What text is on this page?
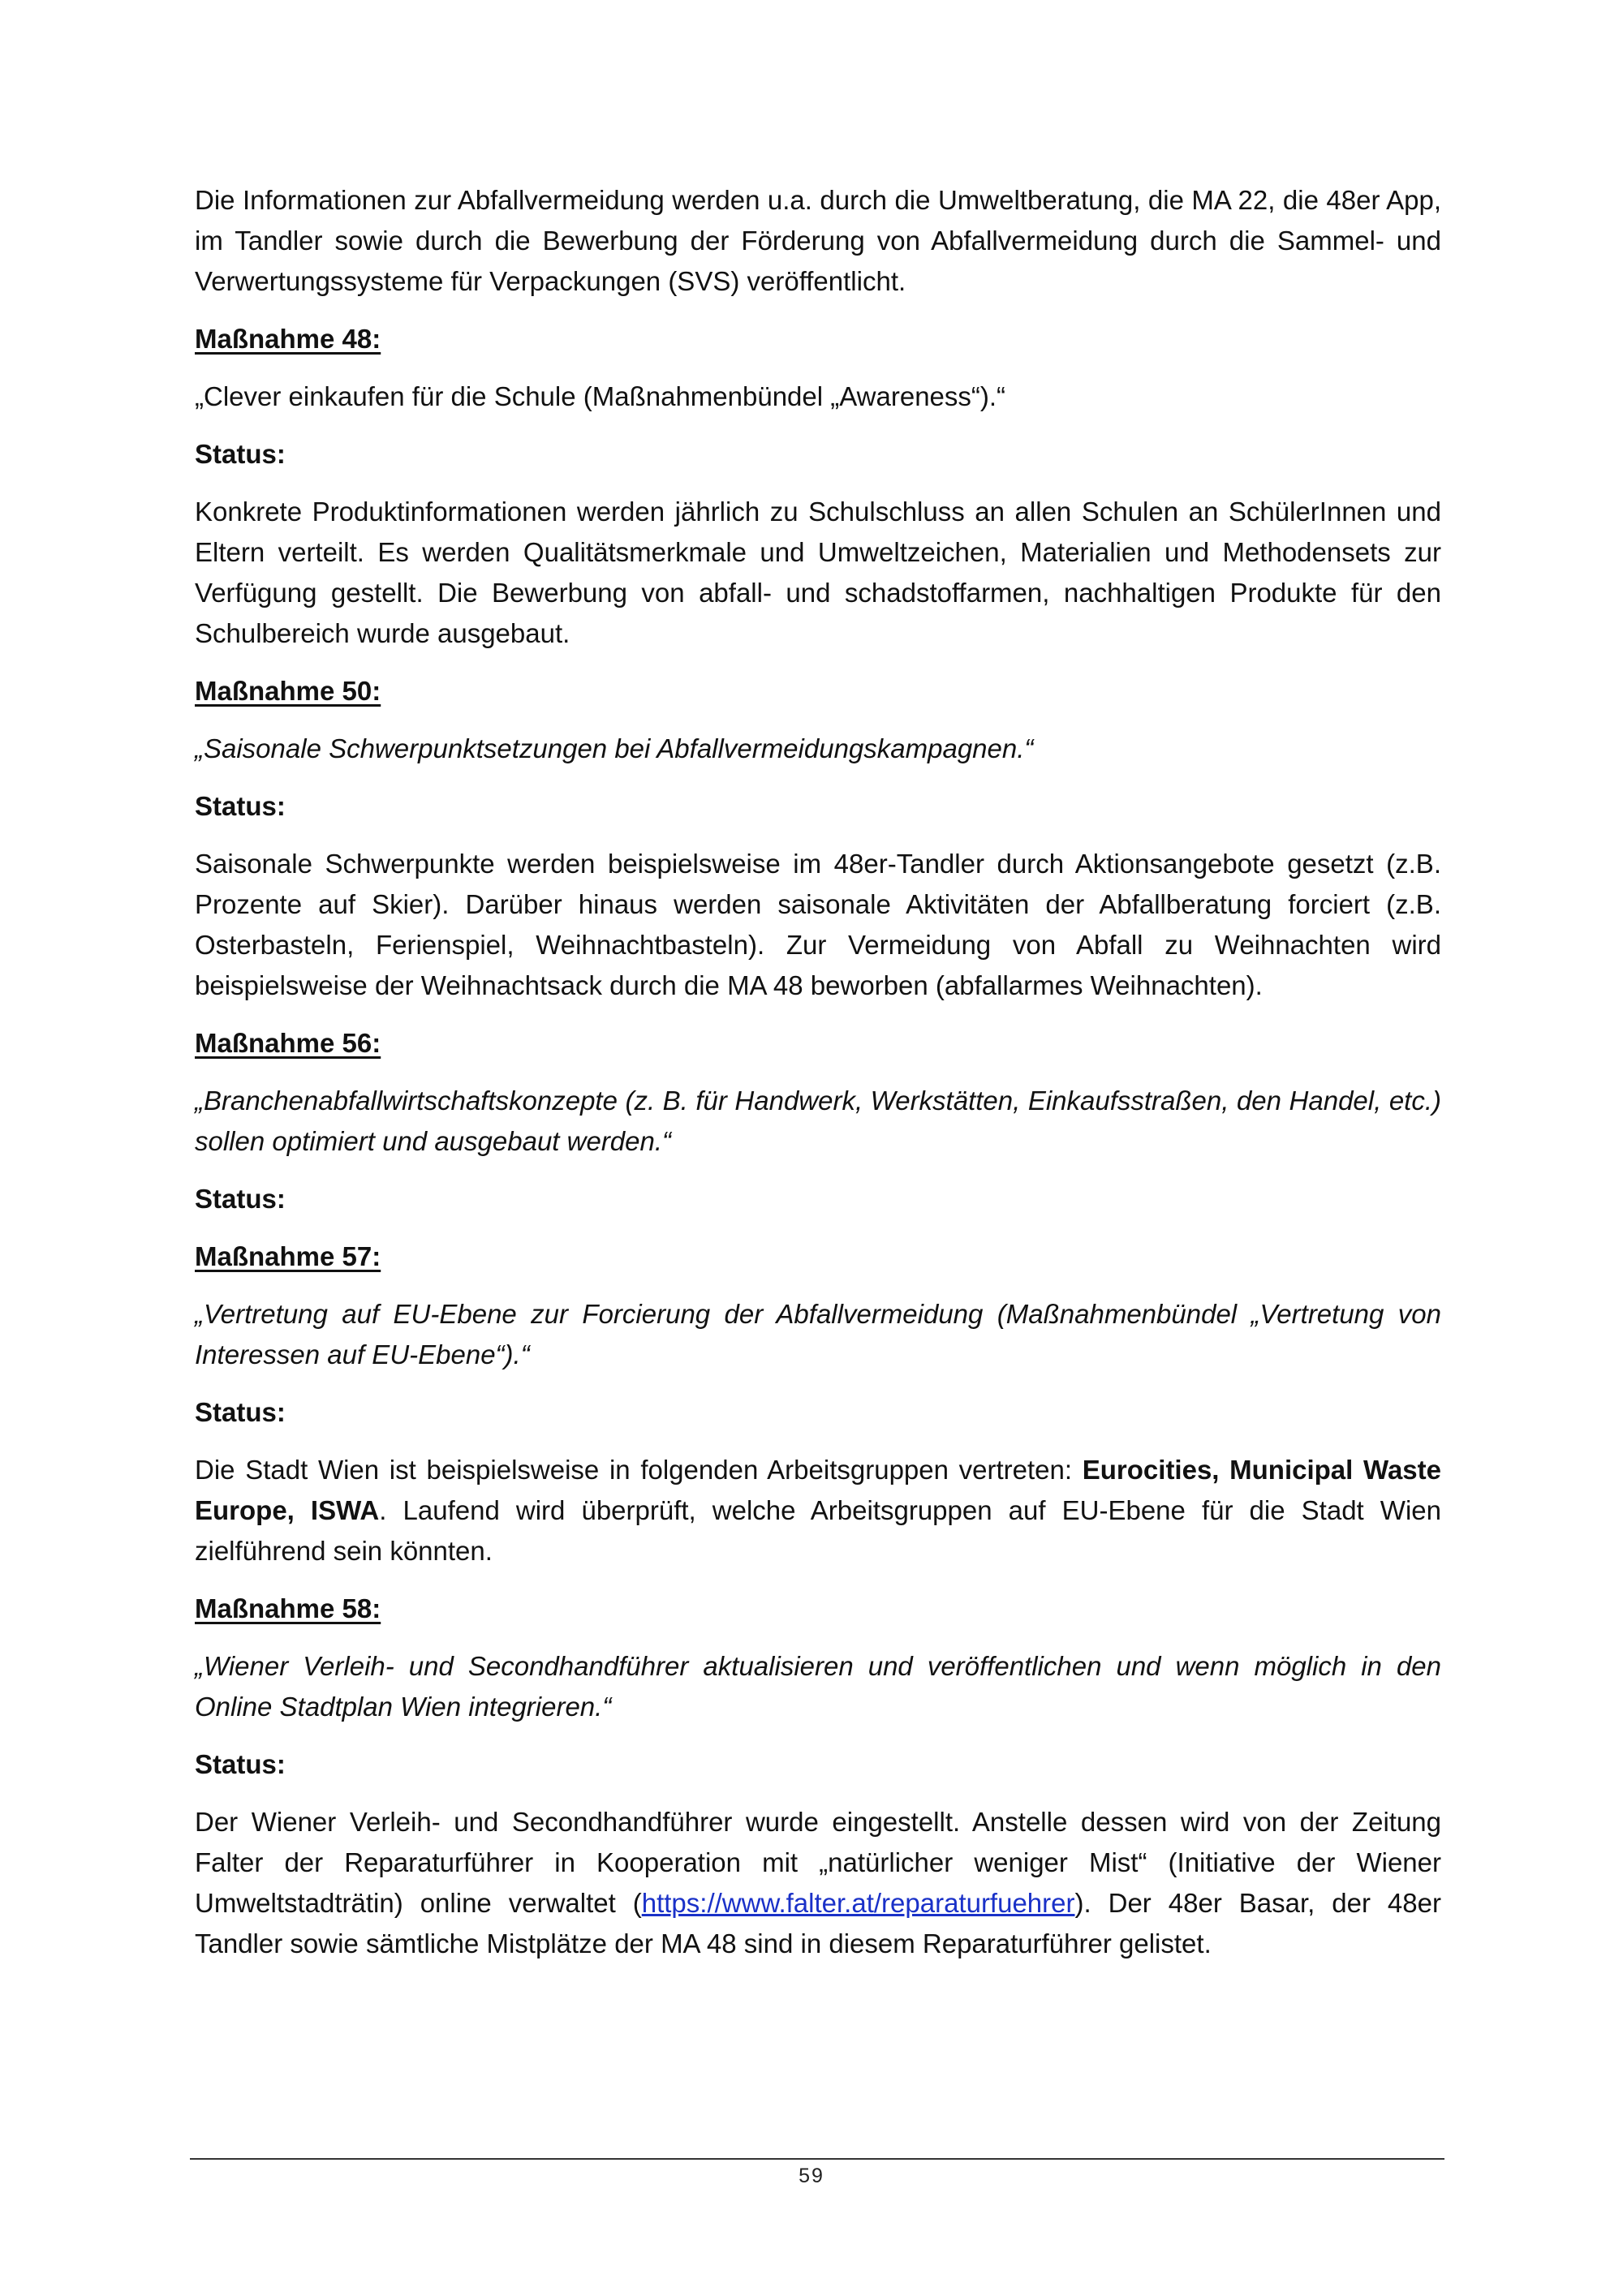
Die Informationen zur Abfallvermeidung werden u.a. durch die Umweltberatung, die MA 22, die 48er App, im Tandler sowie durch die Bewerbung der Förderung von Abfallvermeidung durch die Sammel- und Verwertungssysteme für Verpackungen (SVS) veröffentlicht.

Maßnahme 48:

„Clever einkaufen für die Schule (Maßnahmenbündel „Awareness“).“

Status:

Konkrete Produktinformationen werden jährlich zu Schulschluss an allen Schulen an SchülerInnen und Eltern verteilt. Es werden Qualitätsmerkmale und Umweltzeichen, Materialien und Methodensets zur Verfügung gestellt. Die Bewerbung von abfall- und schadstoffarmen, nachhaltigen Produkte für den Schulbereich wurde ausgebaut.

Maßnahme 50:

„Saisonale Schwerpunktsetzungen bei Abfallvermeidungskampagnen.“

Status:

Saisonale Schwerpunkte werden beispielsweise im 48er-Tandler durch Aktionsangebote gesetzt (z.B. Prozente auf Skier). Darüber hinaus werden saisonale Aktivitäten der Abfallberatung forciert (z.B. Osterbasteln, Ferienspiel, Weihnachtbasteln). Zur Vermeidung von Abfall zu Weihnachten wird beispielsweise der Weihnachtsack durch die MA 48 beworben (abfallarmes Weihnachten).

Maßnahme 56:

„Branchenabfallwirtschaftskonzepte (z. B. für Handwerk, Werkstätten, Einkaufsstraßen, den Handel, etc.) sollen optimiert und ausgebaut werden.“

Status:

Maßnahme 57:

„Vertretung auf EU-Ebene zur Forcierung der Abfallvermeidung (Maßnahmenbündel „Vertretung von Interessen auf EU-Ebene“).“

Status:

Die Stadt Wien ist beispielsweise in folgenden Arbeitsgruppen vertreten: Eurocities, Municipal Waste Europe, ISWA. Laufend wird überprüft, welche Arbeitsgruppen auf EU-Ebene für die Stadt Wien zielführend sein könnten.

Maßnahme 58:

„Wiener Verleih- und Secondhandführer aktualisieren und veröffentlichen und wenn möglich in den Online Stadtplan Wien integrieren.“

Status:

Der Wiener Verleih- und Secondhandführer wurde eingestellt. Anstelle dessen wird von der Zeitung Falter der Reparaturführer in Kooperation mit „natürlicher weniger Mist“ (Initiative der Wiener Umweltstadträtin) online verwaltet (https://www.falter.at/reparaturfuehrer). Der 48er Basar, der 48er Tandler sowie sämtliche Mistplätze der MA 48 sind in diesem Reparaturführer gelistet.

59
